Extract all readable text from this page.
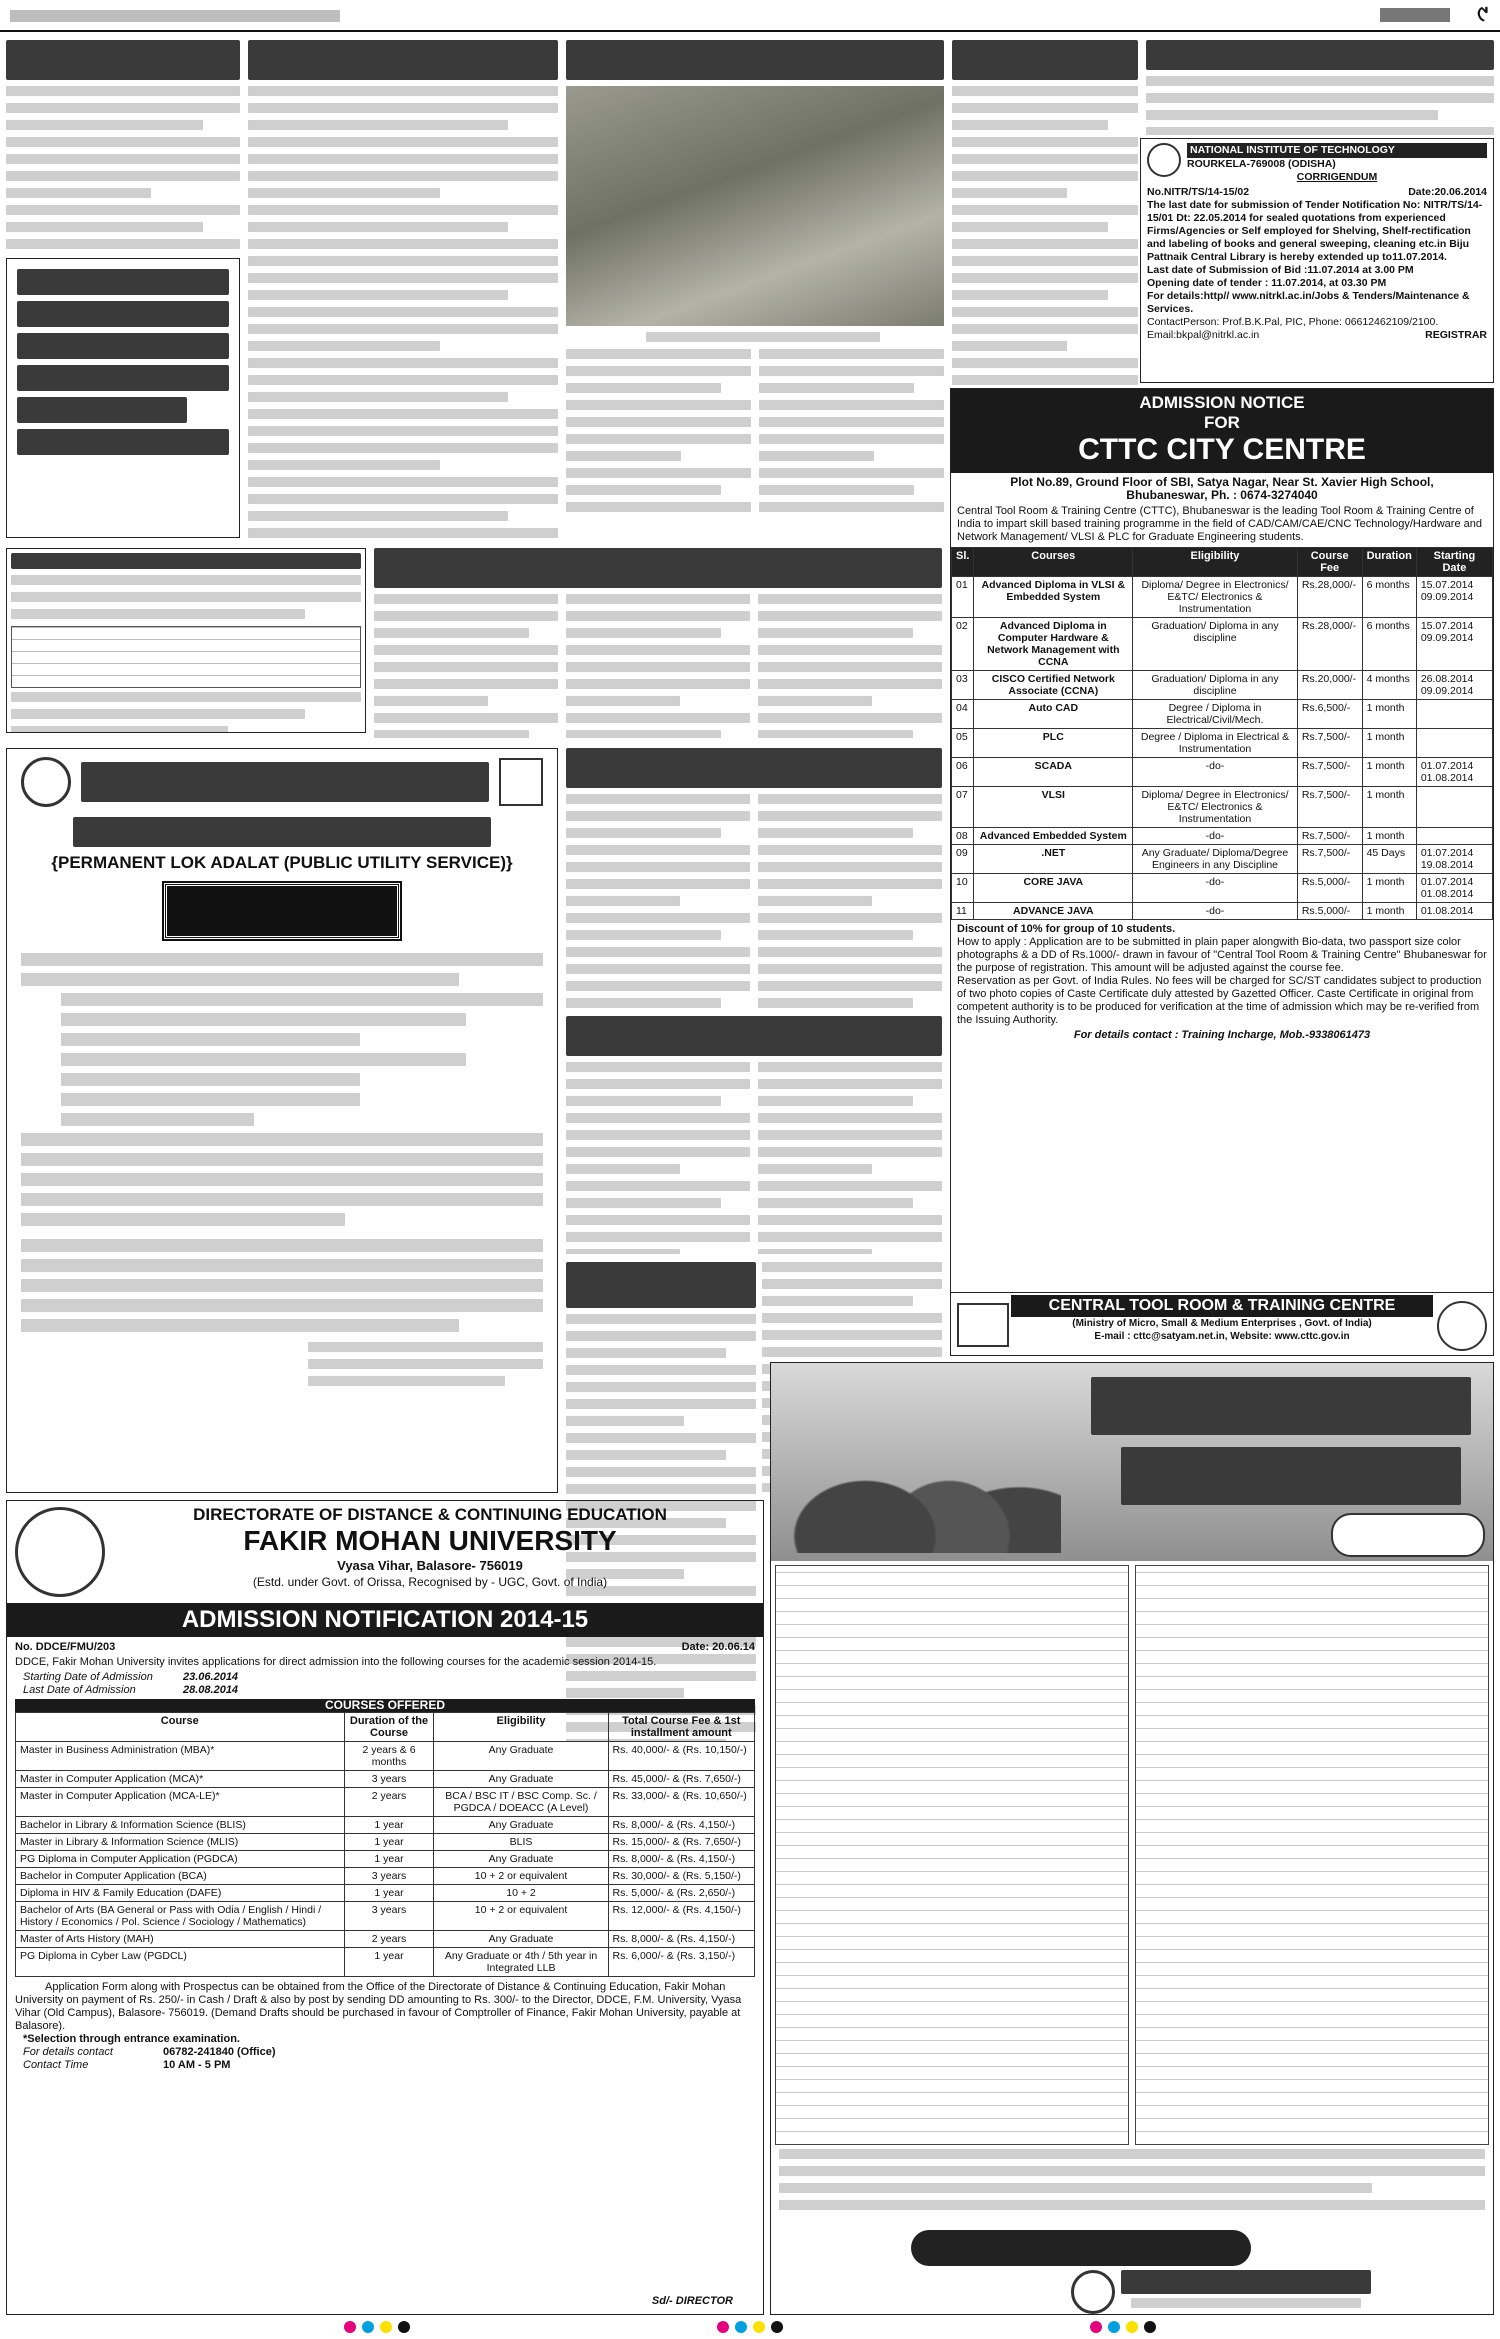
୯
NATIONAL INSTITUTE OF TECHNOLOGY
ROURKELA-769008 (ODISHA)
CORRIGENDUM
No.NITR/TS/14-15/02	Date:20.06.2014
The last date for submission of Tender Notification No: NITR/TS/14-15/01 Dt: 22.05.2014 for sealed quotations from experienced Firms/Agencies or Self employed for Shelving, Shelf-rectification and labeling of books and general sweeping, cleaning etc.in Biju Pattnaik Central Library is hereby extended up to11.07.2014.
Last date of Submission of Bid :11.07.2014 at 3.00 PM
Opening date of tender : 11.07.2014, at 03.30 PM
For details:http// www.nitrkl.ac.in/Jobs & Tenders/Maintenance & Services.
ContactPerson: Prof.B.K.Pal, PIC, Phone: 06612462109/2100.
Email:bkpal@nitrkl.ac.in	REGISTRAR
ADMISSION NOTICE
FOR
CTTC CITY CENTRE
Plot No.89, Ground Floor of SBI, Satya Nagar, Near St. Xavier High School,
Bhubaneswar, Ph. : 0674-3274040
Central Tool Room & Training Centre (CTTC), Bhubaneswar is the leading Tool Room & Training Centre of India to impart skill based training programme in the field of CAD/CAM/CAE/CNC Technology/Hardware and Network Management/ VLSI & PLC for Graduate Engineering students.
Sl.	Courses	Eligibility	Course Fee	Duration	Starting Date
01	Advanced Diploma in VLSI & Embedded System	Diploma/ Degree in Electronics/ E&TC/ Electronics & Instrumentation	Rs.28,000/-	6 months	15.07.2014 09.09.2014
02	Advanced Diploma in Computer Hardware & Network Management with CCNA	Graduation/ Diploma in any discipline	Rs.28,000/-	6 months	15.07.2014 09.09.2014
03	CISCO Certified Network Associate (CCNA)	Graduation/ Diploma in any discipline	Rs.20,000/-	4 months	26.08.2014 09.09.2014
04	Auto CAD	Degree / Diploma in Electrical/Civil/Mech.	Rs.6,500/-	1 month	
05	PLC	Degree / Diploma in Electrical & Instrumentation	Rs.7,500/-	1 month	
06	SCADA	-do-	Rs.7,500/-	1 month	01.07.2014 01.08.2014
07	VLSI	Diploma/ Degree in Electronics/ E&TC/ Electronics & Instrumentation	Rs.7,500/-	1 month	
08	Advanced Embedded System	-do-	Rs.7,500/-	1 month	
09	.NET	Any Graduate/ Diploma/Degree Engineers in any Discipline	Rs.7,500/-	45 Days	01.07.2014 19.08.2014
10	CORE JAVA	-do-	Rs.5,000/-	1 month	01.07.2014 01.08.2014
11	ADVANCE JAVA	-do-	Rs.5,000/-	1 month	01.08.2014
Discount of 10% for group of 10 students.
How to apply : Application are to be submitted in plain paper alongwith Bio-data, two passport size color photographs & a DD of Rs.1000/- drawn in favour of "Central Tool Room & Training Centre" Bhubaneswar for the purpose of registration. This amount will be adjusted against the course fee.
Reservation as per Govt. of India Rules. No fees will be charged for SC/ST candidates subject to production of two photo copies of Caste Certificate duly attested by Gazetted Officer. Caste Certificate in original from competent authority is to be produced for verification at the time of admission which may be re-verified from the Issuing Authority.
For details contact : Training Incharge, Mob.-9338061473
CENTRAL TOOL ROOM & TRAINING CENTRE
(Ministry of Micro, Small & Medium Enterprises , Govt. of India)
E-mail : cttc@satyam.net.in, Website: www.cttc.gov.in
{PERMANENT LOK ADALAT (PUBLIC UTILITY SERVICE)}
DIRECTORATE OF DISTANCE & CONTINUING EDUCATION
FAKIR MOHAN UNIVERSITY
Vyasa Vihar, Balasore- 756019
(Estd. under Govt. of Orissa, Recognised by - UGC, Govt. of India)
ADMISSION NOTIFICATION 2014-15
No. DDCE/FMU/203	Date: 20.06.14
DDCE, Fakir Mohan University invites applications for direct admission into the following courses for the academic session 2014-15.
Starting Date of Admission	23.06.2014
Last Date of Admission	28.08.2014
COURSES OFFERED
Course	Duration of the Course	Eligibility	Total Course Fee & 1st installment amount
Master in Business Administration (MBA)*	2 years & 6 months	Any Graduate	Rs. 40,000/- & (Rs. 10,150/-)
Master in Computer Application (MCA)*	3 years	Any Graduate	Rs. 45,000/- & (Rs. 7,650/-)
Master in Computer Application (MCA-LE)*	2 years	BCA / BSC IT / BSC Comp. Sc. / PGDCA / DOEACC (A Level)	Rs. 33,000/- & (Rs. 10,650/-)
Bachelor in Library & Information Science (BLIS)	1 year	Any Graduate	Rs. 8,000/- & (Rs. 4,150/-)
Master in Library & Information Science (MLIS)	1 year	BLIS	Rs. 15,000/- & (Rs. 7,650/-)
PG Diploma in Computer Application (PGDCA)	1 year	Any Graduate	Rs. 8,000/- & (Rs. 4,150/-)
Bachelor in Computer Application (BCA)	3 years	10 + 2 or equivalent	Rs. 30,000/- & (Rs. 5,150/-)
Diploma in HIV & Family Education (DAFE)	1 year	10 + 2	Rs. 5,000/- & (Rs. 2,650/-)
Bachelor of Arts (BA General or Pass with Odia / English / Hindi / History / Economics / Pol. Science / Sociology / Mathematics)	3 years	10 + 2 or equivalent	Rs. 12,000/- & (Rs. 4,150/-)
Master of Arts History (MAH)	2 years	Any Graduate	Rs. 8,000/- & (Rs. 4,150/-)
PG Diploma in Cyber Law (PGDCL)	1 year	Any Graduate or 4th / 5th year in Integrated LLB	Rs. 6,000/- & (Rs. 3,150/-)
Application Form along with Prospectus can be obtained from the Office of the Directorate of Distance & Continuing Education, Fakir Mohan University on payment of Rs. 250/- in Cash / Draft & also by post by sending DD amounting to Rs. 300/- to the Director, DDCE, F.M. University, Vyasa Vihar (Old Campus), Balasore- 756019. (Demand Drafts should be purchased in favour of Comptroller of Finance, Fakir Mohan University, payable at Balasore).
*Selection through entrance examination.
For details contact	06782-241840 (Office)
Contact Time	10 AM - 5 PM
Sd/- DIRECTOR
